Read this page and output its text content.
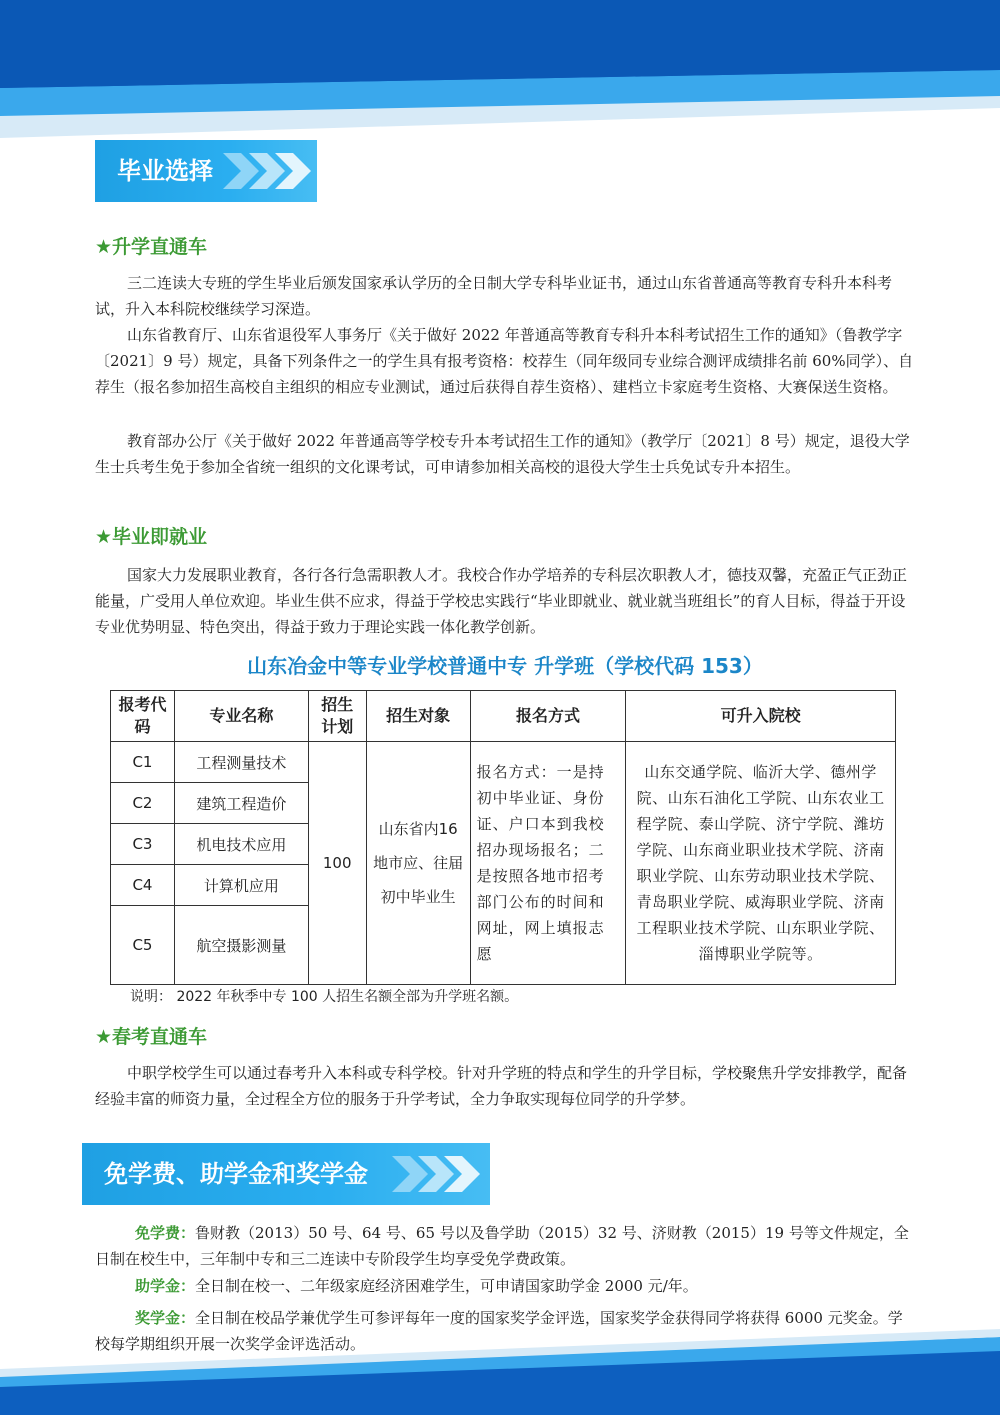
毕业选择
★升学直通车

三二连读大专班的学生毕业后颁发国家承认学历的全日制大学专科毕业证书，通过山东省普通高等教育专科升本科考试，升入本科院校继续学习深造。

山东省教育厅、山东省退役军人事务厅《关于做好 2022 年普通高等教育专科升本科考试招生工作的通知》（鲁教学字〔2021〕9 号）规定，具备下列条件之一的学生具有报考资格：校荐生（同年级同专业综合测评成绩排名前 60%同学）、自荐生（报名参加招生高校自主组织的相应专业测试，通过后获得自荐生资格）、建档立卡家庭考生资格、大赛保送生资格。

教育部办公厅《关于做好 2022 年普通高等学校专升本考试招生工作的通知》（教学厅〔2021〕8 号）规定，退役大学生士兵考生免于参加全省统一组织的文化课考试，可申请参加相关高校的退役大学生士兵免试专升本招生。

★毕业即就业

国家大力发展职业教育，各行各行急需职教人才。我校合作办学培养的专科层次职教人才，德技双馨，充盈正气正劲正能量，广受用人单位欢迎。毕业生供不应求，得益于学校忠实践行“毕业即就业、就业就当班组长”的育人目标，得益于开设专业优势明显、特色突出，得益于致力于理论实践一体化教学创新。

山东冶金中等专业学校普通中专 升学班（学校代码 153）
报考代码	专业名称	招生计划	招生对象	报名方式	可升入院校
C1	工程测量技术	100	山东省内16 地市应、往届初中毕业生	报名方式：一是持初中毕业证、身份证、户口本到我校招办现场报名；二是按照各地市招考部门公布的时间和网址，网上填报志愿	山东交通学院、临沂大学、德州学院、山东石油化工学院、山东农业工程学院、泰山学院、济宁学院、潍坊学院、山东商业职业技术学院、济南职业学院、山东劳动职业技术学院、青岛职业学院、威海职业学院、济南工程职业技术学院、山东职业学院、淄博职业学院等。
C2	建筑工程造价				
C3	机电技术应用				
C4	计算机应用				
C5	航空摄影测量				
说明： 2022 年秋季中专 100 人招生名额全部为升学班名额。
★春考直通车

中职学校学生可以通过春考升入本科或专科学校。针对升学班的特点和学生的升学目标，学校聚焦升学安排教学，配备经验丰富的师资力量，全过程全方位的服务于升学考试，全力争取实现每位同学的升学梦。

免学费、助学金和奖学金

免学费：鲁财教（2013）50 号、64 号、65 号以及鲁学助（2015）32 号、济财教（2015）19 号等文件规定，全日制在校生中，三年制中专和三二连读中专阶段学生均享受免学费政策。

助学金：全日制在校一、二年级家庭经济困难学生，可申请国家助学金 2000 元/年。

奖学金：全日制在校品学兼优学生可参评每年一度的国家奖学金评选，国家奖学金获得同学将获得 6000 元奖金。学校每学期组织开展一次奖学金评选活动。
